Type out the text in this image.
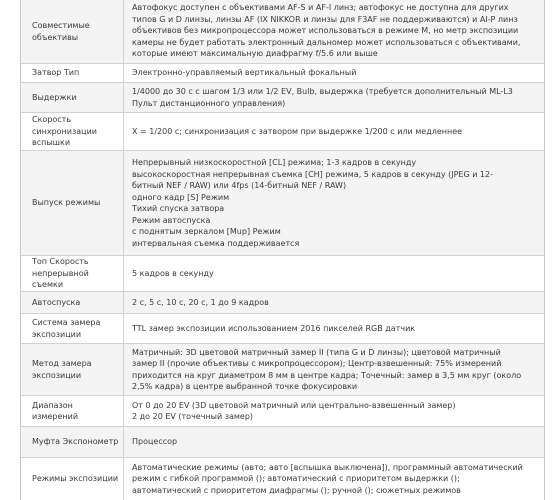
Совместимые объективы
Автофокус доступен с объективами AF-S и AF-I линз; автофокус не доступна для других
типов G и D линзы, линзы AF (IX NIKKOR и линзы для F3AF не поддерживаются) и AI-P линз
объективов без микропроцессора может использоваться в режиме M, но метр экспозиции
камеры не будет работать электронный дальномер может использоваться с объективами,
которые имеют максимальную диафрагму f/5.6 или выше
Затвор Тип	Электронно-управляемый вертикальный фокальный
Выдержки
1/4000 до 30 с с шагом 1/3 или 1/2 EV, Bulb, выдержка (требуется дополнительный ML-L3
Пульт дистанционного управления)
Скорость синхронизации вспышки
X = 1/200 с; синхронизация с затвором при выдержке 1/200 с или медленнее
Выпуск режимы
Непрерывный низкоскоростной [CL] режима; 1-3 кадров в секунду
высокоскоростная непрерывная съемка [CH] режима, 5 кадров в секунду (JPEG и 12-
битный NEF / RAW) или 4fps (14-битный NEF / RAW)
одного кадр [S] Режим
Тихий спуска затвора
Режим автоспуска
с поднятым зеркалом [Mup] Режим
интервальная съемка поддерживается
Топ Скорость непрерывной съемки
5 кадров в секунду
Автоспуска	2 с, 5 с, 10 с, 20 с, 1 до 9 кадров
Система замера экспозиции
TTL замер экспозиции использованием 2016 пикселей RGB датчик
Метод замера экспозиции
Матричный: 3D цветовой матричный замер II (типа G и D линзы); цветовой матричный
замер II (прочие объективы с микропроцессором); Центр-взвешенный: 75% измерений
приходится на круг диаметром 8 мм в центре кадра; Точечный: замер в 3,5 мм круг (около
2,5% кадра) в центре выбранной точке фокусировки
Диапазон измерений
От 0 до 20 EV (3D цветовой матричный или центрально-взвешенный замер)
2 до 20 EV (точечный замер)
Муфта Экспонометр Процессор
Режимы экспозиции
Автоматические режимы (авто; авто [вспышка выключена]), программный автоматический
режим с гибкой программой (); автоматический с приоритетом выдержки ();
автоматический с приоритетом диафрагмы (); ручной (); сюжетных режимов
